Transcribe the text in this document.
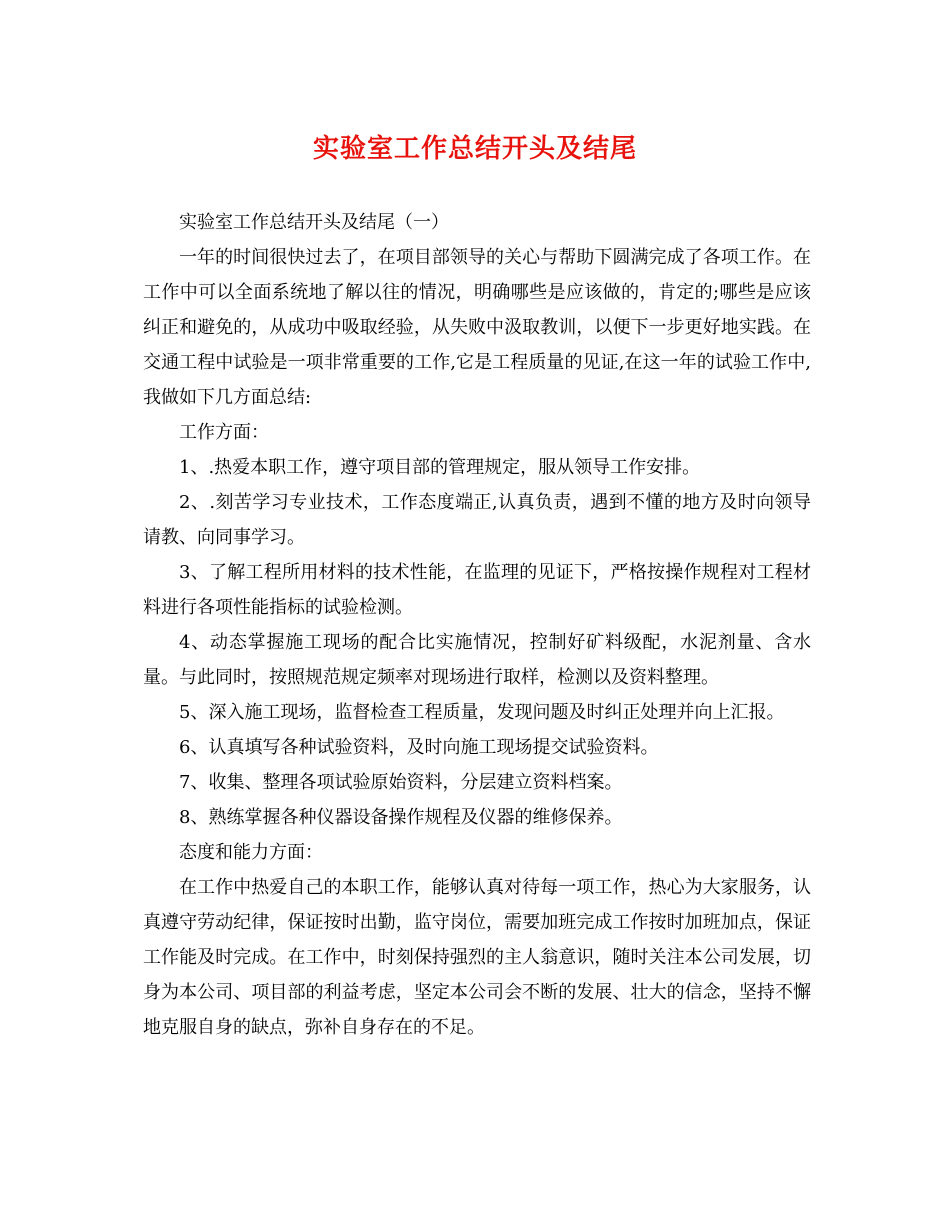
实验室工作总结开头及结尾

实验室工作总结开头及结尾（一）

一年的时间很快过去了，在项目部领导的关心与帮助下圆满完成了各项工作。在工作中可以全面系统地了解以往的情况，明确哪些是应该做的，肯定的;哪些是应该纠正和避免的，从成功中吸取经验，从失败中汲取教训，以便下一步更好地实践。在交通工程中试验是一项非常重要的工作,它是工程质量的见证,在这一年的试验工作中,我做如下几方面总结:

工作方面：

1、.热爱本职工作，遵守项目部的管理规定，服从领导工作安排。

2、.刻苦学习专业技术，工作态度端正,认真负责，遇到不懂的地方及时向领导请教、向同事学习。

3、了解工程所用材料的技术性能，在监理的见证下，严格按操作规程对工程材料进行各项性能指标的试验检测。

4、动态掌握施工现场的配合比实施情况，控制好矿料级配，水泥剂量、含水量。与此同时，按照规范规定频率对现场进行取样，检测以及资料整理。

5、深入施工现场，监督检查工程质量，发现问题及时纠正处理并向上汇报。

6、认真填写各种试验资料，及时向施工现场提交试验资料。

7、收集、整理各项试验原始资料，分层建立资料档案。

8、熟练掌握各种仪器设备操作规程及仪器的维修保养。

态度和能力方面：

在工作中热爱自己的本职工作，能够认真对待每一项工作，热心为大家服务，认真遵守劳动纪律，保证按时出勤，监守岗位，需要加班完成工作按时加班加点，保证工作能及时完成。在工作中，时刻保持强烈的主人翁意识，随时关注本公司发展，切身为本公司、项目部的利益考虑，坚定本公司会不断的发展、壮大的信念，坚持不懈地克服自身的缺点，弥补自身存在的不足。
